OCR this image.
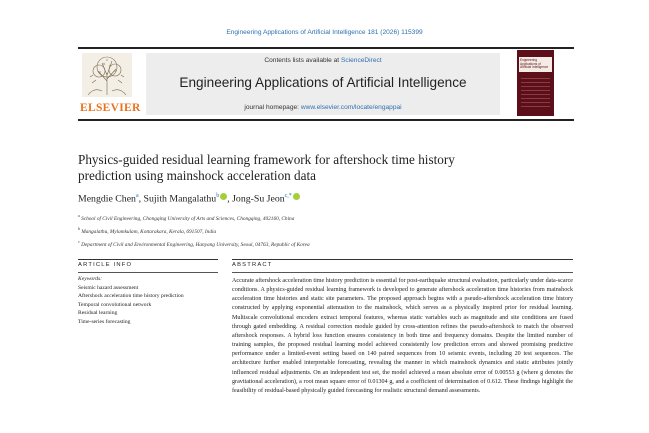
Engineering Applications of Artificial Intelligence 181 (2026) 115399
ELSEVIER
Contents lists available at ScienceDirect
Engineering Applications of Artificial Intelligence
journal homepage: www.elsevier.com/locate/engappai
Engineering Applications of Artificial Intelligence
Physics-guided residual learning framework for aftershock time history
prediction using mainshock acceleration data
Mengdie Chen$^a$, Sujith Mangalathu$^b$ , Jong-Su Jeon$^{c,*}$
$^a$ School of Civil Engineering, Chongqing University of Arts and Sciences, Chongqing, 402160, China
$^b$ Mangalathu, Mylamkulam, Kottarakara, Kerala, 691507, India
$^c$ Department of Civil and Environmental Engineering, Hanyang University, Seoul, 04763, Republic of Korea
ARTICLE INFO	ABSTRACT
Keywords:
Seismic hazard assessment
Aftershock acceleration time history prediction
Temporal convolutional network
Residual learning
Time-series forecasting
Accurate aftershock acceleration time history prediction is essential for post-earthquake structural evaluation, particularly under data-scarce conditions. A physics-guided residual learning framework is developed to generate aftershock acceleration time histories from mainshock acceleration time histories and static site parameters. The proposed approach begins with a pseudo-aftershock acceleration time history constructed by applying exponential attenuation to the mainshock, which serves as a physically inspired prior for residual learning. Multiscale convolutional encoders extract temporal features, whereas static variables such as magnitude and site conditions are fused through gated embedding. A residual correction module guided by cross-attention refines the pseudo-aftershock to match the observed aftershock responses. A hybrid loss function ensures consistency in both time and frequency domains. Despite the limited number of training samples, the proposed residual learning model achieved consistently low prediction errors and showed promising predictive performance under a limited-event setting based on 140 paired sequences from 10 seismic events, including 20 test sequences. The architecture further enabled interpretable forecasting, revealing the manner in which mainshock dynamics and static attributes jointly influenced residual adjustments. On an independent test set, the model achieved a mean absolute error of 0.00553 g (where g denotes the gravitational acceleration), a root mean square error of 0.01304 g, and a coefficient of determination of 0.612. These findings highlight the feasibility of residual-based physically guided forecasting for realistic structural demand assessments.
